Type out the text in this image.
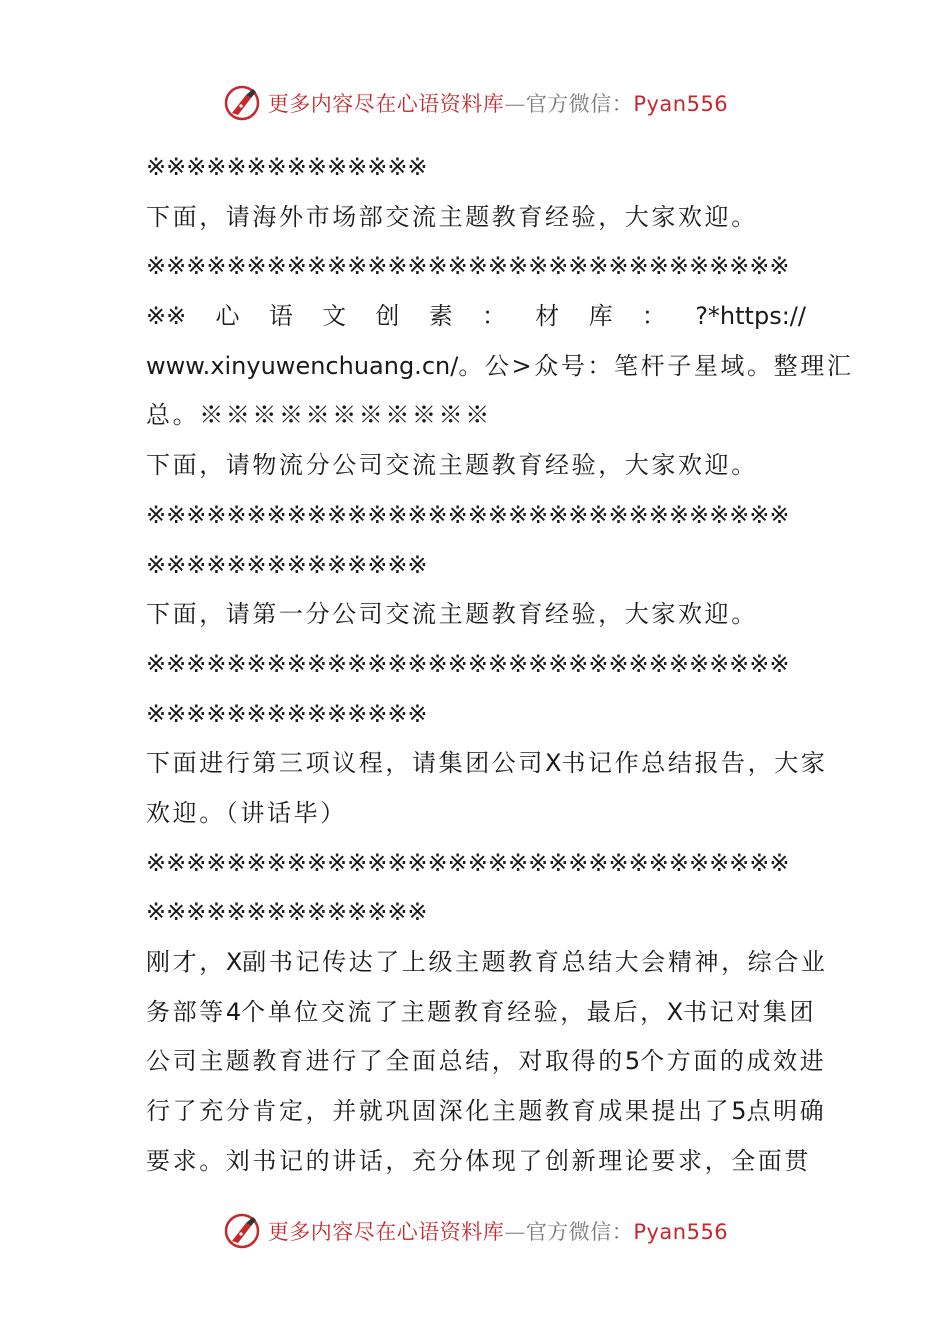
更多内容尽在心语资料库—官方微信：Pyan556
※※※※※※※※※※※※※※
下面，请海外市场部交流主题教育经验，大家欢迎。
※※※※※※※※※※※※※※※※※※※※※※※※※※※※※※※※
※※ 心 语 文 创 素 ： 材 库 ： ?*https://
www.xinyuwenchuang.cn/。公>众号：笔杆子星域。整理汇
总。※※※※※※※※※※※
下面，请物流分公司交流主题教育经验，大家欢迎。
※※※※※※※※※※※※※※※※※※※※※※※※※※※※※※※※
※※※※※※※※※※※※※※
下面，请第一分公司交流主题教育经验，大家欢迎。
※※※※※※※※※※※※※※※※※※※※※※※※※※※※※※※※
※※※※※※※※※※※※※※
下面进行第三项议程，请集团公司X书记作总结报告，大家
欢迎。（讲话毕）
※※※※※※※※※※※※※※※※※※※※※※※※※※※※※※※※
※※※※※※※※※※※※※※
刚才，X副书记传达了上级主题教育总结大会精神，综合业
务部等4个单位交流了主题教育经验，最后，X书记对集团
公司主题教育进行了全面总结，对取得的5个方面的成效进
行了充分肯定，并就巩固深化主题教育成果提出了5点明确
要求。刘书记的讲话，充分体现了创新理论要求，全面贯
更多内容尽在心语资料库—官方微信：Pyan556
